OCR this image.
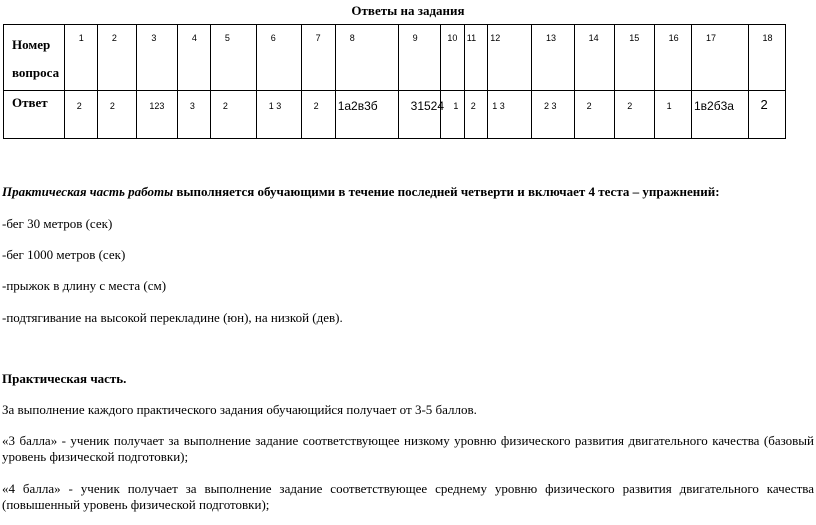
Ответы на задания
Номер
вопроса	1	2	3	4	5	6	7	8	9	10	11	12	13	14	15	16	17	18
Ответ	2	2	123	3	2	1 3	2	1а2в3б	31524	1	2	1 3	2 3	2	2	1	1в2б3а	2
Практическая часть работы выполняется обучающими в течение последней четверти и включает 4 теста – упражнений:
-бег 30 метров (сек)
-бег 1000 метров (сек)
-прыжок в длину с места (см)
-подтягивание на высокой перекладине (юн), на низкой (дев).
Практическая часть.
За выполнение каждого практического задания обучающийся получает от 3-5 баллов.
«3 балла» - ученик получает за выполнение задание соответствующее низкому уровню физического развития двигательного качества (базовый уровень физической подготовки);
«4 балла» - ученик получает за выполнение задание соответствующее среднему уровню физического развития двигательного качества (повышенный уровень физической подготовки);
